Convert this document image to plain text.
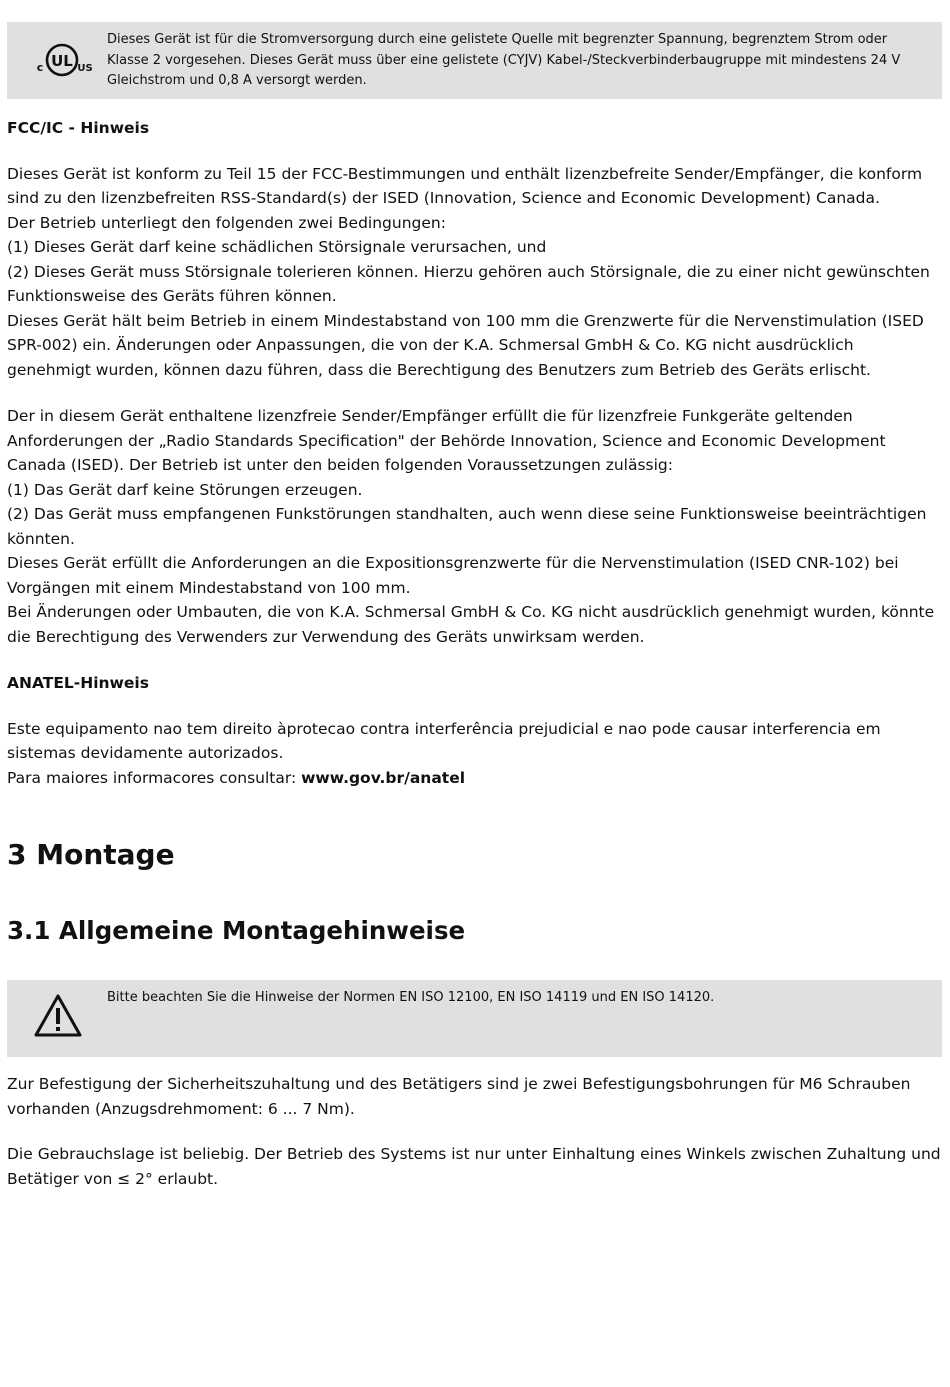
UL
c	US
Dieses Gerät ist für die Stromversorgung durch eine gelistete Quelle mit begrenzter Spannung, begrenztem Strom oder Klasse 2 vorgesehen. Dieses Gerät muss über eine gelistete (CYJV) Kabel-/Steckverbinderbaugruppe mit mindestens 24 V Gleichstrom und 0,8 A versorgt werden.
FCC/IC - Hinweis

Dieses Gerät ist konform zu Teil 15 der FCC-Bestimmungen und enthält lizenzbefreite Sender/Empfänger, die konform sind zu den lizenzbefreiten RSS-Standard(s) der ISED (Innovation, Science and Economic Development) Canada.

Der Betrieb unterliegt den folgenden zwei Bedingungen:

(1) Dieses Gerät darf keine schädlichen Störsignale verursachen, und

(2) Dieses Gerät muss Störsignale tolerieren können. Hierzu gehören auch Störsignale, die zu einer nicht gewünschten Funktionsweise des Geräts führen können.

Dieses Gerät hält beim Betrieb in einem Mindestabstand von 100 mm die Grenzwerte für die Nervenstimulation (ISED SPR-002) ein. Änderungen oder Anpassungen, die von der K.A. Schmersal GmbH & Co. KG nicht ausdrücklich genehmigt wurden, können dazu führen, dass die Berechtigung des Benutzers zum Betrieb des Geräts erlischt.

Der in diesem Gerät enthaltene lizenzfreie Sender/Empfänger erfüllt die für lizenzfreie Funkgeräte geltenden Anforderungen der „Radio Standards Specification" der Behörde Innovation, Science and Economic Development Canada (ISED). Der Betrieb ist unter den beiden folgenden Voraussetzungen zulässig:

(1) Das Gerät darf keine Störungen erzeugen.

(2) Das Gerät muss empfangenen Funkstörungen standhalten, auch wenn diese seine Funktionsweise beeinträchtigen könnten.

Dieses Gerät erfüllt die Anforderungen an die Expositionsgrenzwerte für die Nervenstimulation (ISED CNR-102) bei Vorgängen mit einem Mindestabstand von 100 mm.

Bei Änderungen oder Umbauten, die von K.A. Schmersal GmbH & Co. KG nicht ausdrücklich genehmigt wurden, könnte die Berechtigung des Verwenders zur Verwendung des Geräts unwirksam werden.

ANATEL-Hinweis

Este equipamento nao tem direito àprotecao contra interferência prejudicial e nao pode causar interferencia em sistemas devidamente autorizados.

Para maiores informacores consultar: www.gov.br/anatel

3 Montage
3.1 Allgemeine Montagehinweise
Bitte beachten Sie die Hinweise der Normen EN ISO 12100, EN ISO 14119 und EN ISO 14120.

Zur Befestigung der Sicherheitszuhaltung und des Betätigers sind je zwei Befestigungsbohrungen für M6 Schrauben vorhanden (Anzugsdrehmoment: 6 ... 7 Nm).

Die Gebrauchslage ist beliebig. Der Betrieb des Systems ist nur unter Einhaltung eines Winkels zwischen Zuhaltung und Betätiger von ≤ 2° erlaubt.
